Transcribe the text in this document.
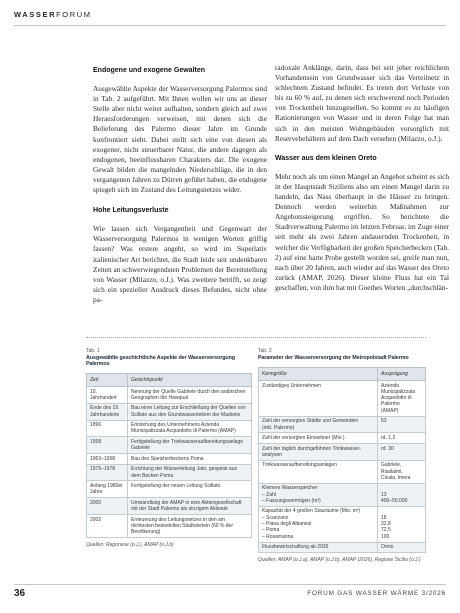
WASSERFORUM
Endogene und exogene Gewalten

Ausgewählte Aspekte der Wasserversorgung Palermos sind in Tab. 2 aufgeführt. Mit Ihnen wollen wir uns an dieser Stelle aber nicht weiter aufhalten, sondern gleich auf zwei Herausforderungen verweisen, mit denen sich die Belieferung des Palermo dieser Jahre im Grunde konfrontiert sieht. Dabei stellt sich eine von diesen als exogener, nicht steuerbarer Natur, die andere dagegen als endogenen, beeinflussbaren Charakters dar. Die exogene Gewalt bilden die mangelnden Niederschläge, die in den vergangenen Jahren zu Dürren geführt haben, die endogene spiegelt sich im Zustand des Leitungsnetzes wider.

Hohe Leitungsverluste

Wie lassen sich Vergangenheit und Gegenwart der Wasserversorgung Palermos in wenigen Worten griffig fassen? Was erstere angeht, so wird im Superlativ italienischer Art berichtet, die Stadt leide seit undenkbaren Zeiten an schwerwiegendsten Problemen der Bereitstellung von Wasser (Milazzo, o.J.). Was zweitere betrifft, so zeigt sich ein spezieller Ausdruck dieses Befundes, nicht ohne pa-

radoxale Anklänge, darin, dass bei seit jeher reichlichem Vorhandensein von Grundwasser sich das Verteilnetz in schlechtem Zustand befindet. Es treten dort Verluste von bis zu 60 % auf, zu denen sich erschwerend noch Perioden von Trockenheit hinzugesellen. So kommt es zu häufigen Rationierungen von Wasser und in deren Folge hat man sich in den meisten Wohngebäuden vorsorglich mit Reservebehältern auf dem Dach versehen (Milazzo, o.J.).

Wasser aus dem kleinen Oreto

Mehr noch als um einen Mangel an Angebot scheint es sich in der Hauptstadt Siziliens also um einen Mangel darin zu handeln, das Nass überhaupt in die Häuser zu bringen. Dennoch werden weiterhin Maßnahmen zur Angebotssteigerung ergriffen. So berichtete die Stadtverwaltung Palermo im letzten Februar, im Zuge einer seit mehr als zwei Jahren andauernden Trockenheit, in welcher die Verfügbarkeit der großen Speicherbecken (Tab. 2) auf eine harte Probe gestellt worden sei, greife man nun, nach über 20 Jahren, auch wieder auf das Wasser des Oreto zurück (AMAP, 2026). Dieser kleine Fluss hat ein Tal geschaffen, von ihm hat mit Goethes Worten „durchschlän-

Tab. 1
Ausgewählte geschichtliche Aspekte der Wasserversorgung Palermos
Zeit	Gesichtspunkt
10. Jahrhundert	Nennung der Quelle Gabriele durch den arabischen Geographen Ibn Hawqual
Ende des 19. Jahrhunderts	Bau einer Leitung zur Erschließung der Quellen von Scillato aus den Grundwasserleitern der Madonie
1896	Entstehung des Unternehmens Azienda Municipalizzata Acquedotto di Palermo (AMAP)
1958	Fertigstellung der Trinkwasseraufbereitungsanlage Gabriele
1963–1968	Bau des Speicherbeckens Poma
1975–1978	Errichtung der Wasserleitung Jato, gespeist aus dem Becken Poma
Anfang 1980er Jahre	Fertigstellung der neuen Leitung Scillato
2000	Umwandlung der AMAP in eine Aktiengesellschaft mit der Stadt Palermo als einzigem Aktionär
2002	Erneuerung des Leitungsnetzes in den am dichtesten besiedelten Stadtvierteln (60 % der Bevölkerung)
Quellen: Ragonese (o.J.), AMAP (o.J.b)
Tab. 2
Parameter der Wasserversorgung der Metropolstadt Palermo
Kenngröße	Ausprägung

Zuständiges Unternehmen	Azienda Municipalizzata
Acquedotto di Palermo
(AMAP)

Zahl der versorgten Städte und Gemeinden
(inkl. Palermo)	53

Zahl der versorgten Einwohner (Mio.)	rd. 1,2

Zahl der täglich durchgeführten Trinkwasser-
analysen	rd. 30

Trinkwasseraufbereitungsanlagen	Gabriele, Risalaimi,
Cicala, Imera

Kleinere Wasserspeicher
– Zahl
– Fassungsvermögen (m³)	13
400–50.000

Kapazität der 4 großen Stauräume (Mio. m³)
– Scanzano
– Piana degli Albanesi
– Poma
– Rosamarina	18
32,8
72,5
100

Flussbewirtschaftung ab 2026	Oreto
Quellen: AMAP (o.J.a), AMAP (o.J.b), AMAP (2026), Regione Sicilia (o.J.)
36	FORUM GAS WASSER WÄRME 3/2026
